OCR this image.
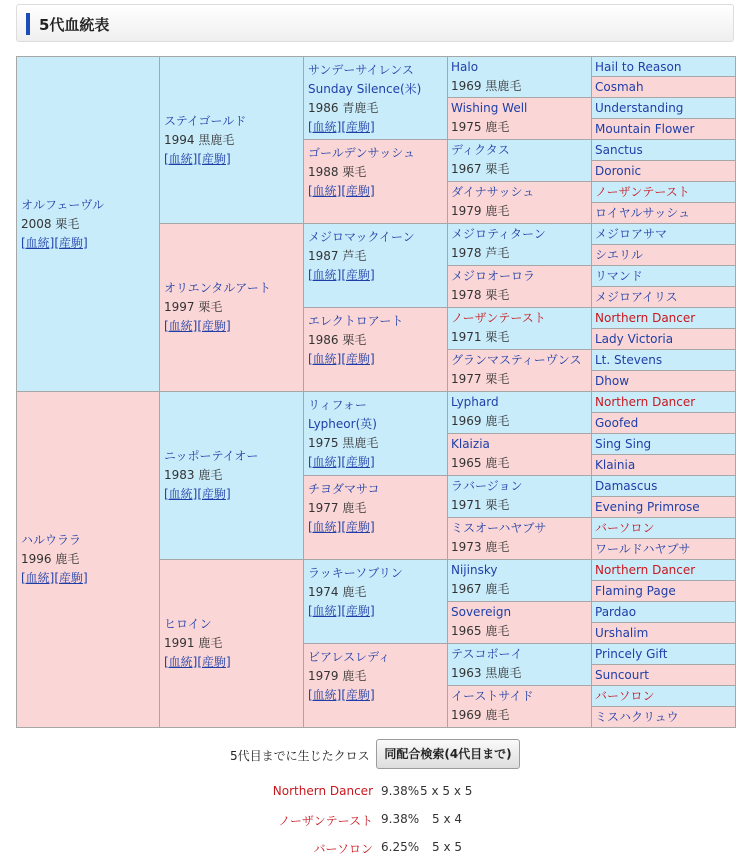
5代血統表
オルフェーヴル
2008 栗毛
[血統][産駒]
ハルウララ
1996 鹿毛
[血統][産駒]
ステイゴールド
1994 黒鹿毛
[血統][産駒]
オリエンタルアート
1997 栗毛
[血統][産駒]
ニッポーテイオー
1983 鹿毛
[血統][産駒]
ヒロイン
1991 鹿毛
[血統][産駒]
サンデーサイレンス
Sunday Silence(米)
1986 青鹿毛
[血統][産駒]
ゴールデンサッシュ
1988 栗毛
[血統][産駒]
メジロマックイーン
1987 芦毛
[血統][産駒]
エレクトロアート
1986 栗毛
[血統][産駒]
リィフォー
Lypheor(英)
1975 黒鹿毛
[血統][産駒]
チヨダマサコ
1977 鹿毛
[血統][産駒]
ラッキーソブリン
1974 鹿毛
[血統][産駒]
ビアレスレディ
1979 鹿毛
[血統][産駒]
Halo
1969 黒鹿毛
Wishing Well
1975 鹿毛
ディクタス
1967 栗毛
ダイナサッシュ
1979 鹿毛
メジロティターン
1978 芦毛
メジロオーロラ
1978 栗毛
ノーザンテースト
1971 栗毛
グランマスティーヴンス
1977 栗毛
Lyphard
1969 鹿毛
Klaizia
1965 鹿毛
ラバージョン
1971 栗毛
ミスオーハヤブサ
1973 鹿毛
Nijinsky
1967 鹿毛
Sovereign
1965 鹿毛
テスコボーイ
1963 黒鹿毛
イーストサイド
1969 鹿毛
Hail to Reason
Cosmah
Understanding
Mountain Flower
Sanctus
Doronic
ノーザンテースト
ロイヤルサッシュ
メジロアサマ
シエリル
リマンド
メジロアイリス
Northern Dancer
Lady Victoria
Lt. Stevens
Dhow
Northern Dancer
Goofed
Sing Sing
Klainia
Damascus
Evening Primrose
バーソロン
ワールドハヤブサ
Northern Dancer
Flaming Page
Pardao
Urshalim
Princely Gift
Suncourt
バーソロン
ミスハクリュウ
5代目までに生じたクロス	同配合検索(4代目まで)
Northern Dancer 9.38% 5 x 5 x 5
ノーザンテースト 9.38% 5 x 4
バーソロン 6.25% 5 x 5
